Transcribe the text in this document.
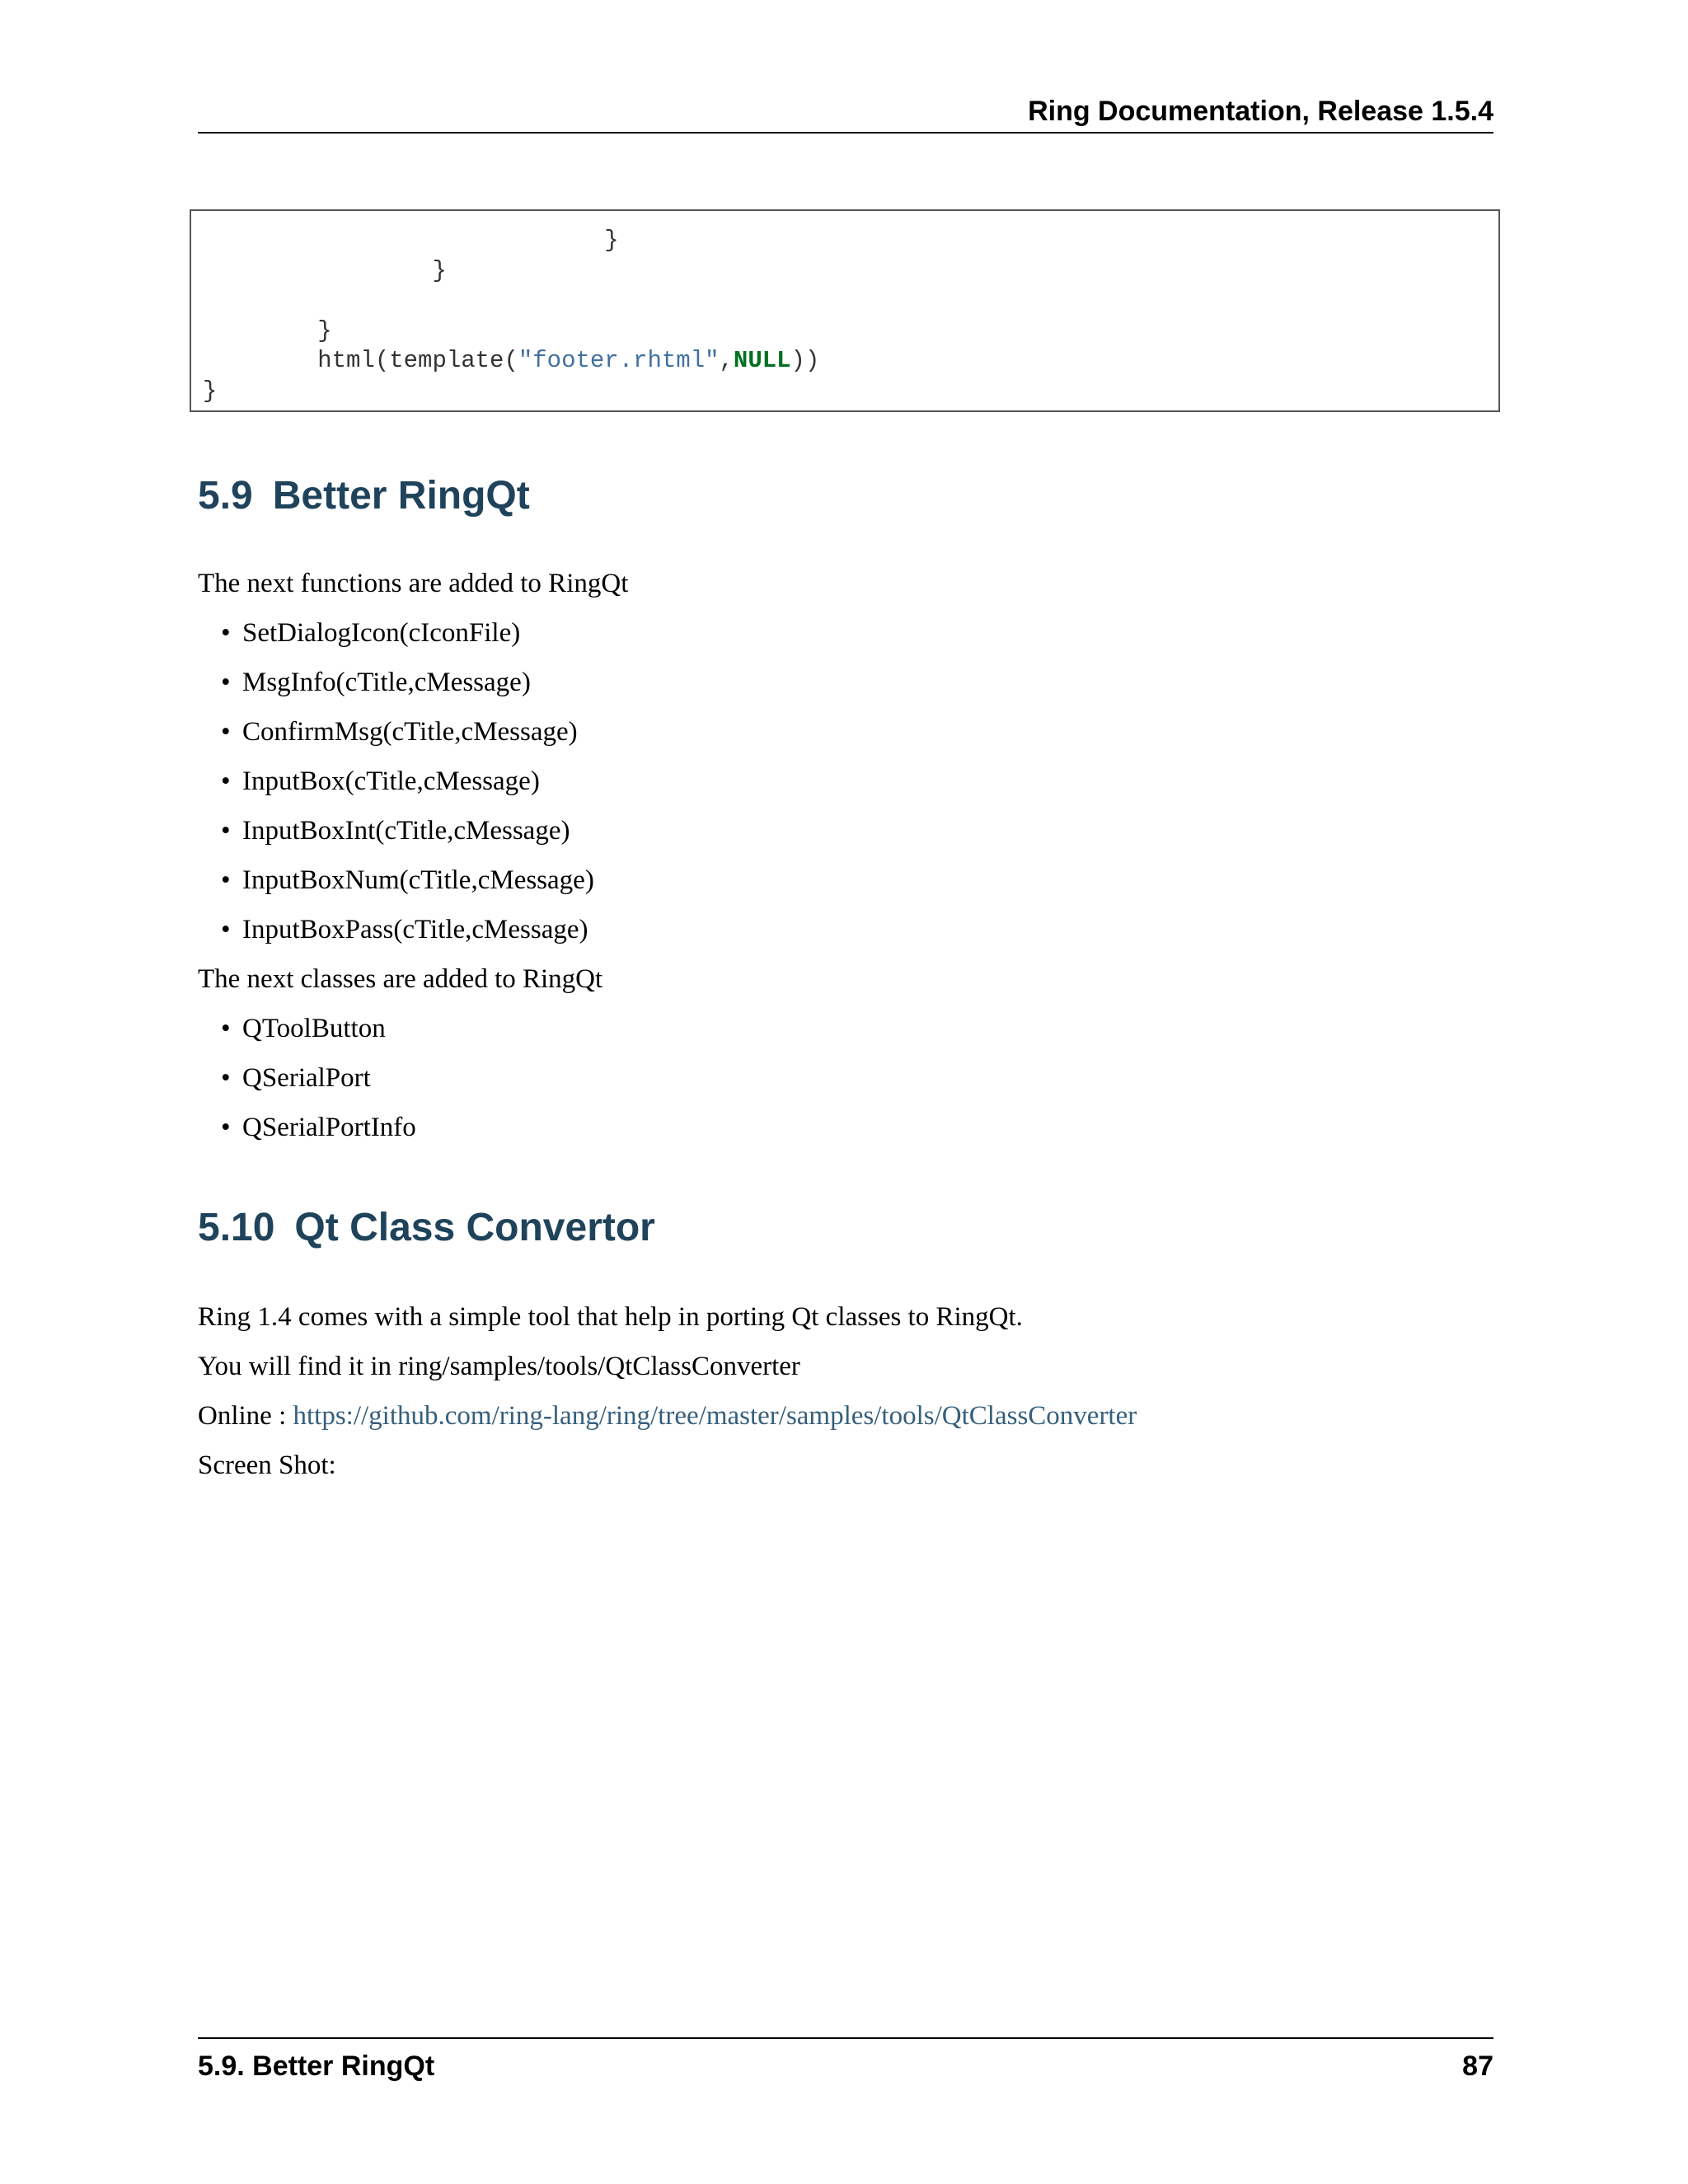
Ring Documentation, Release 1.5.4
}
}

}
html(template("footer.rhtml",NULL))
}
5.9 Better RingQt
The next functions are added to RingQt
• SetDialogIcon(cIconFile)
• MsgInfo(cTitle,cMessage)
• ConfirmMsg(cTitle,cMessage)
• InputBox(cTitle,cMessage)
• InputBoxInt(cTitle,cMessage)
• InputBoxNum(cTitle,cMessage)
• InputBoxPass(cTitle,cMessage)
The next classes are added to RingQt
• QToolButton
• QSerialPort
• QSerialPortInfo
5.10 Qt Class Convertor
Ring 1.4 comes with a simple tool that help in porting Qt classes to RingQt.
You will find it in ring/samples/tools/QtClassConverter
Online : https://github.com/ring-lang/ring/tree/master/samples/tools/QtClassConverter
Screen Shot:
5.9. Better RingQt	87
